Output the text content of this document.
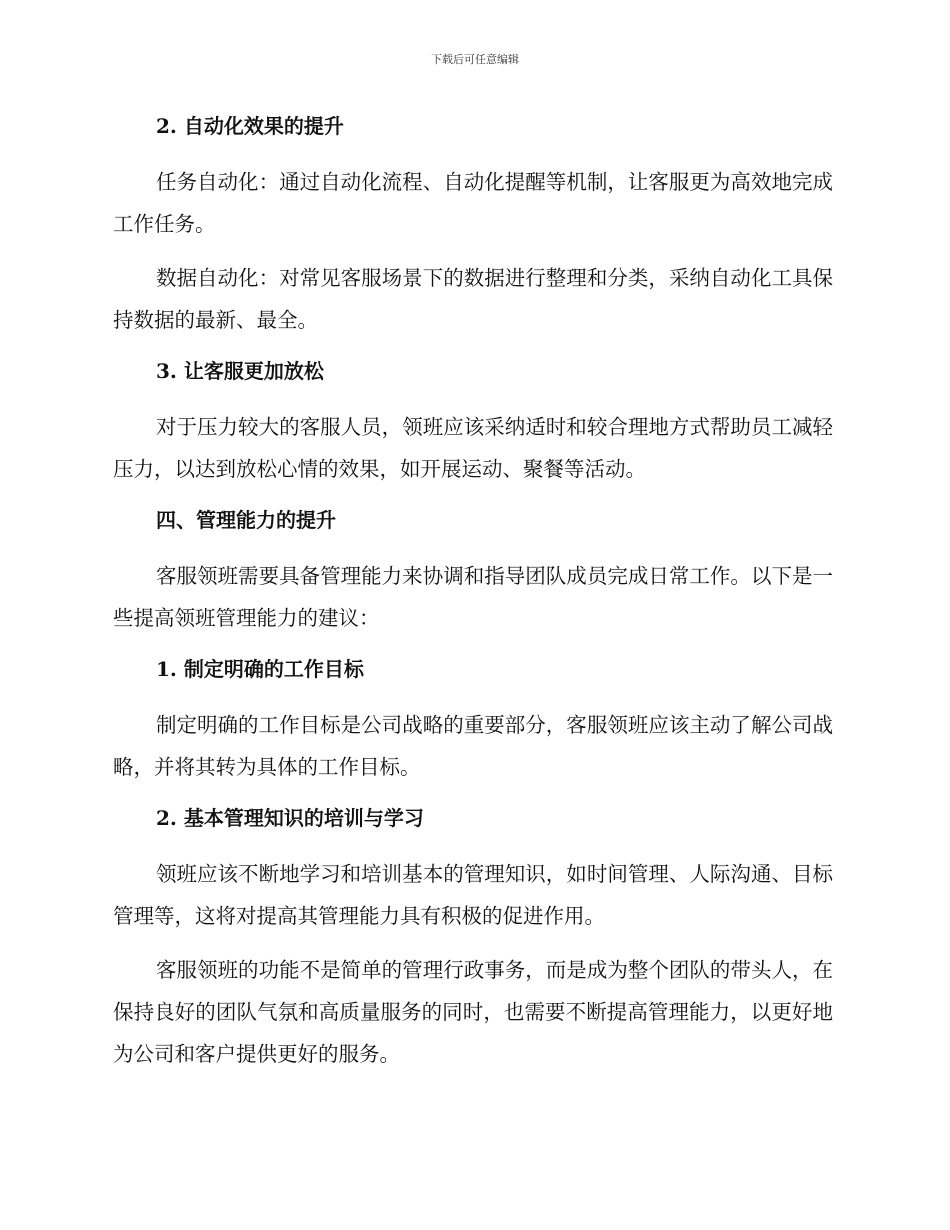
下载后可任意编辑
2. 自动化效果的提升

任务自动化：通过自动化流程、自动化提醒等机制，让客服更为高效地完成工作任务。

数据自动化：对常见客服场景下的数据进行整理和分类，采纳自动化工具保持数据的最新、最全。

3. 让客服更加放松

对于压力较大的客服人员，领班应该采纳适时和较合理地方式帮助员工减轻压力，以达到放松心情的效果，如开展运动、聚餐等活动。

四、管理能力的提升

客服领班需要具备管理能力来协调和指导团队成员完成日常工作。以下是一些提高领班管理能力的建议：

1. 制定明确的工作目标

制定明确的工作目标是公司战略的重要部分，客服领班应该主动了解公司战略，并将其转为具体的工作目标。

2. 基本管理知识的培训与学习

领班应该不断地学习和培训基本的管理知识，如时间管理、人际沟通、目标管理等，这将对提高其管理能力具有积极的促进作用。

客服领班的功能不是简单的管理行政事务，而是成为整个团队的带头人，在保持良好的团队气氛和高质量服务的同时，也需要不断提高管理能力，以更好地为公司和客户提供更好的服务。
